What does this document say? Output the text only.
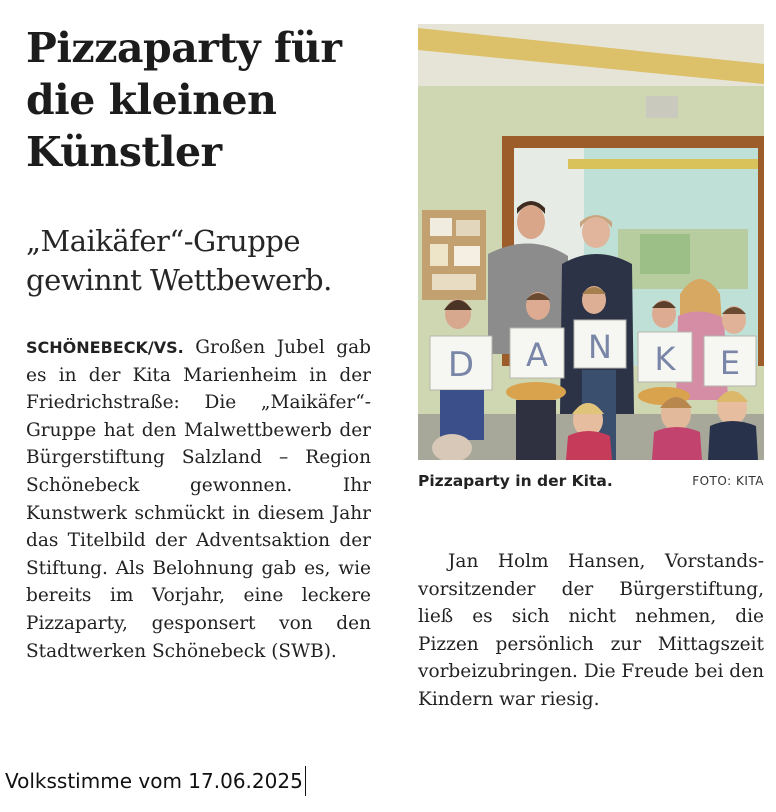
Pizzaparty für
die kleinen
Künstler
„Maikäfer“-Gruppe
gewinnt Wettbewerb.

SCHÖNEBECK/VS. Großen Jubel gab es in der Kita Marienheim in der Friedrichstraße: Die „Maikäfer“-Gruppe hat den Malwettbewerb der Bürgerstiftung Salzland – Region Schönebeck gewonnen. Ihr Kunstwerk schmückt in diesem Jahr das Titelbild der Adventsaktion der Stiftung. Als Belohnung gab es, wie bereits im Vorjahr, eine leckere Pizzaparty, gesponsert von den Stadtwerken Schönebeck (SWB).

D A N K E
Pizzaparty in der Kita.	FOTO: KITA

Jan Holm Hansen, Vorstandsvorsitzender der Bürgerstiftung, ließ es sich nicht nehmen, die Pizzen persönlich zur Mittagszeit vorbeizubringen. Die Freude bei den Kindern war riesig.

Volksstimme vom 17.06.2025
